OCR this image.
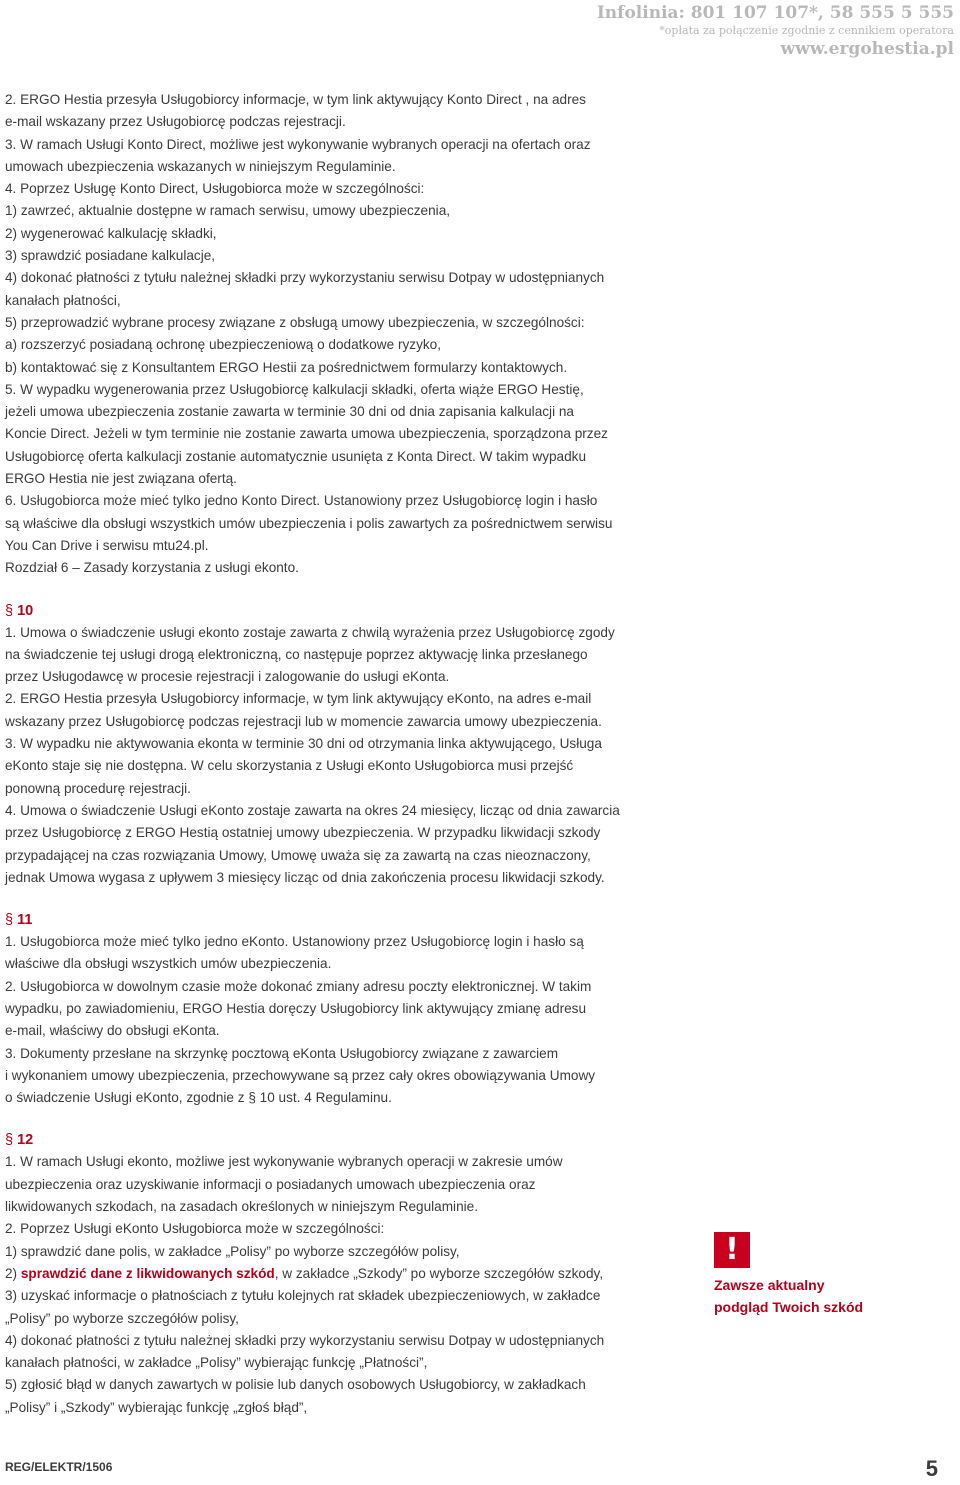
Infolinia: 801 107 107*, 58 555 5 555
*opłata za połączenie zgodnie z cennikiem operatora
www.ergohestia.pl
2. ERGO Hestia przesyła Usługobiorcy informacje, w tym link aktywujący Konto Direct , na adres
e-mail wskazany przez Usługobiorcę podczas rejestracji.
3. W ramach Usługi Konto Direct, możliwe jest wykonywanie wybranych operacji na ofertach oraz
umowach ubezpieczenia wskazanych w niniejszym Regulaminie.
4. Poprzez Usługę Konto Direct, Usługobiorca może w szczególności:
1) zawrzeć, aktualnie dostępne w ramach serwisu, umowy ubezpieczenia,
2) wygenerować kalkulację składki,
3) sprawdzić posiadane kalkulacje,
4) dokonać płatności z tytułu należnej składki przy wykorzystaniu serwisu Dotpay w udostępnianych
kanałach płatności,
5) przeprowadzić wybrane procesy związane z obsługą umowy ubezpieczenia, w szczególności:
a) rozszerzyć posiadaną ochronę ubezpieczeniową o dodatkowe ryzyko,
b) kontaktować się z Konsultantem ERGO Hestii za pośrednictwem formularzy kontaktowych.
5. W wypadku wygenerowania przez Usługobiorcę kalkulacji składki, oferta wiąże ERGO Hestię,
jeżeli umowa ubezpieczenia zostanie zawarta w terminie 30 dni od dnia zapisania kalkulacji na
Koncie Direct. Jeżeli w tym terminie nie zostanie zawarta umowa ubezpieczenia, sporządzona przez
Usługobiorcę oferta kalkulacji zostanie automatycznie usunięta z Konta Direct. W takim wypadku
ERGO Hestia nie jest związana ofertą.
6. Usługobiorca może mieć tylko jedno Konto Direct. Ustanowiony przez Usługobiorcę login i hasło
są właściwe dla obsługi wszystkich umów ubezpieczenia i polis zawartych za pośrednictwem serwisu
You Can Drive i serwisu mtu24.pl.
Rozdział 6 – Zasady korzystania z usługi ekonto.
§ 10
1. Umowa o świadczenie usługi ekonto zostaje zawarta z chwilą wyrażenia przez Usługobiorcę zgody
na świadczenie tej usługi drogą elektroniczną, co następuje poprzez aktywację linka przesłanego
przez Usługodawcę w procesie rejestracji i zalogowanie do usługi eKonta.
2. ERGO Hestia przesyła Usługobiorcy informacje, w tym link aktywujący eKonto, na adres e-mail
wskazany przez Usługobiorcę podczas rejestracji lub w momencie zawarcia umowy ubezpieczenia.
3. W wypadku nie aktywowania ekonta w terminie 30 dni od otrzymania linka aktywującego, Usługa
eKonto staje się nie dostępna. W celu skorzystania z Usługi eKonto Usługobiorca musi przejść
ponowną procedurę rejestracji.
4. Umowa o świadczenie Usługi eKonto zostaje zawarta na okres 24 miesięcy, licząc od dnia zawarcia
przez Usługobiorcę z ERGO Hestią ostatniej umowy ubezpieczenia. W przypadku likwidacji szkody
przypadającej na czas rozwiązania Umowy, Umowę uważa się za zawartą na czas nieoznaczony,
jednak Umowa wygasa z upływem 3 miesięcy licząc od dnia zakończenia procesu likwidacji szkody.
§ 11
1. Usługobiorca może mieć tylko jedno eKonto. Ustanowiony przez Usługobiorcę login i hasło są
właściwe dla obsługi wszystkich umów ubezpieczenia.
2. Usługobiorca w dowolnym czasie może dokonać zmiany adresu poczty elektronicznej. W takim
wypadku, po zawiadomieniu, ERGO Hestia doręczy Usługobiorcy link aktywujący zmianę adresu
e-mail, właściwy do obsługi eKonta.
3. Dokumenty przesłane na skrzynkę pocztową eKonta Usługobiorcy związane z zawarciem
i wykonaniem umowy ubezpieczenia, przechowywane są przez cały okres obowiązywania Umowy
o świadczenie Usługi eKonto, zgodnie z § 10 ust. 4 Regulaminu.
§ 12
1. W ramach Usługi ekonto, możliwe jest wykonywanie wybranych operacji w zakresie umów
ubezpieczenia oraz uzyskiwanie informacji o posiadanych umowach ubezpieczenia oraz
likwidowanych szkodach, na zasadach określonych w niniejszym Regulaminie.
2. Poprzez Usługi eKonto Usługobiorca może w szczególności:
1) sprawdzić dane polis, w zakładce „Polisy” po wyborze szczegółów polisy,
2) sprawdzić dane z likwidowanych szkód, w zakładce „Szkody” po wyborze szczegółów szkody,
3) uzyskać informacje o płatnościach z tytułu kolejnych rat składek ubezpieczeniowych, w zakładce
„Polisy” po wyborze szczegółów polisy,
4) dokonać płatności z tytułu należnej składki przy wykorzystaniu serwisu Dotpay w udostępnianych
kanałach płatności, w zakładce „Polisy” wybierając funkcję „Płatności”,
5) zgłosić błąd w danych zawartych w polisie lub danych osobowych Usługobiorcy, w zakładkach
„Polisy” i „Szkody” wybierając funkcję „zgłoś błąd”,
!
Zawsze aktualny
podgląd Twoich szkód
REG/ELEKTR/1506	5
